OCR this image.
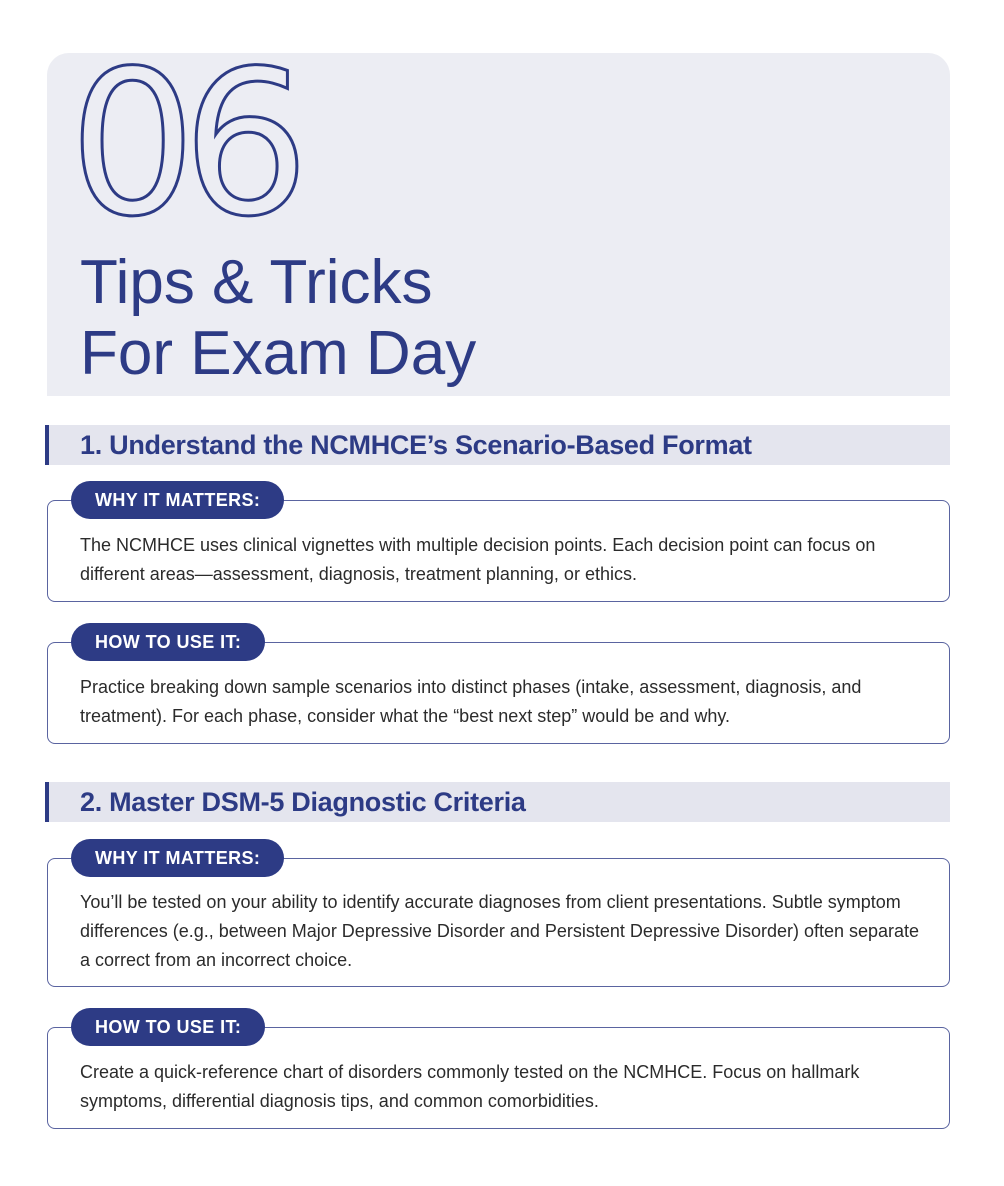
06
Tips & Tricks
For Exam Day
1. Understand the NCMHCE’s Scenario-Based Format

The NCMHCE uses clinical vignettes with multiple decision points. Each decision point can focus on different areas—assessment, diagnosis, treatment planning, or ethics.

WHY IT MATTERS:

Practice breaking down sample scenarios into distinct phases (intake, assessment, diagnosis, and treatment). For each phase, consider what the “best next step” would be and why.

HOW TO USE IT:
2. Master DSM-5 Diagnostic Criteria

You’ll be tested on your ability to identify accurate diagnoses from client presentations. Subtle symptom differences (e.g., between Major Depressive Disorder and Persistent Depressive Disorder) often separate a correct from an incorrect choice.

WHY IT MATTERS:

Create a quick-reference chart of disorders commonly tested on the NCMHCE. Focus on hallmark symptoms, differential diagnosis tips, and common comorbidities.

HOW TO USE IT:
